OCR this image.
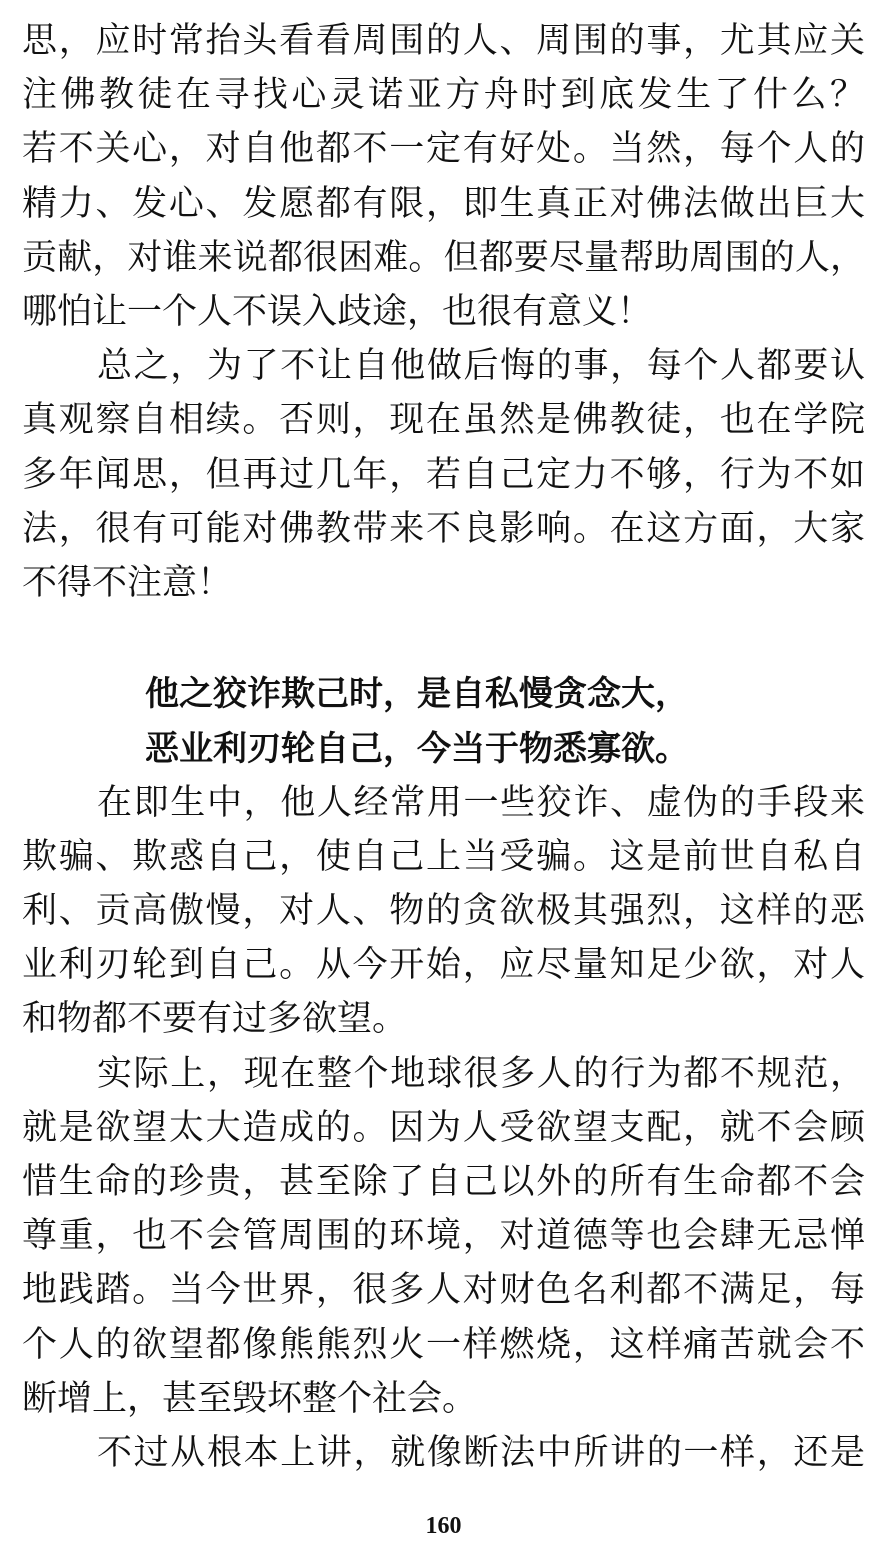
思，应时常抬头看看周围的人、周围的事，尤其应关
注佛教徒在寻找心灵诺亚方舟时到底发生了什么？
若不关心，对自他都不一定有好处。当然，每个人的
精力、发心、发愿都有限，即生真正对佛法做出巨大
贡献，对谁来说都很困难。但都要尽量帮助周围的人，
哪怕让一个人不误入歧途，也很有意义！
总之，为了不让自他做后悔的事，每个人都要认
真观察自相续。否则，现在虽然是佛教徒，也在学院
多年闻思，但再过几年，若自己定力不够，行为不如
法，很有可能对佛教带来不良影响。在这方面，大家
不得不注意！
他之狡诈欺己时，是自私慢贪念大，
恶业利刃轮自己，今当于物悉寡欲。
在即生中，他人经常用一些狡诈、虚伪的手段来
欺骗、欺惑自己，使自己上当受骗。这是前世自私自
利、贡高傲慢，对人、物的贪欲极其强烈，这样的恶
业利刃轮到自己。从今开始，应尽量知足少欲，对人
和物都不要有过多欲望。
实际上，现在整个地球很多人的行为都不规范，
就是欲望太大造成的。因为人受欲望支配，就不会顾
惜生命的珍贵，甚至除了自己以外的所有生命都不会
尊重，也不会管周围的环境，对道德等也会肆无忌惮
地践踏。当今世界，很多人对财色名利都不满足，每
个人的欲望都像熊熊烈火一样燃烧，这样痛苦就会不
断增上，甚至毁坏整个社会。
不过从根本上讲，就像断法中所讲的一样，还是
160
